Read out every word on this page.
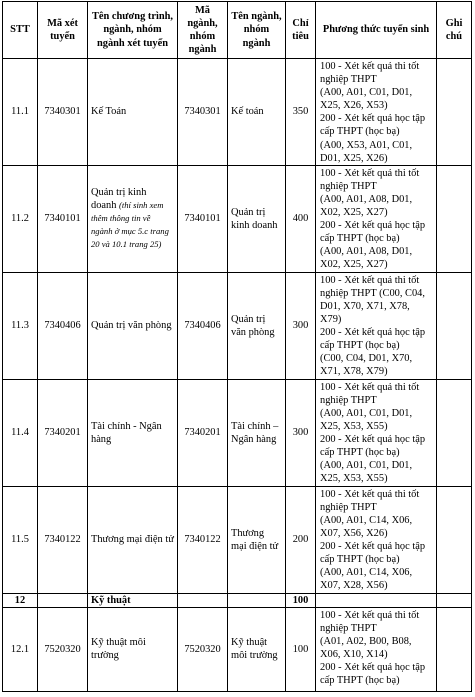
STT	Mã xét tuyển	Tên chương trình, ngành, nhóm ngành xét tuyển	Mã ngành, nhóm ngành	Tên ngành, nhóm ngành	Chỉ tiêu	Phương thức tuyển sinh	Ghi chú
11.1	7340301	Kế Toán	7340301	Kế toán	350	100 - Xét kết quả thi tốt nghiệp THPT
(A00, A01, C01, D01, X25, X26, X53)
200 - Xét kết quả học tập cấp THPT (học bạ)
(A00, X53, A01, C01, D01, X25, X26)	

11.2	7340101	Quản trị kinh doanh (thí sinh xem thêm thông tin về ngành ở mục 5.c trang 20 và 10.1 trang 25)	7340101	Quản trị kinh doanh	400	100 - Xét kết quả thi tốt nghiệp THPT
(A00, A01, A08, D01, X02, X25, X27)
200 - Xét kết quả học tập cấp THPT (học bạ)
(A00, A01, A08, D01, X02, X25, X27)	

11.3	7340406	Quản trị văn phòng	7340406	Quản trị văn phòng	300	100 - Xét kết quả thi tốt nghiệp THPT (C00, C04, D01, X70, X71, X78, X79)
200 - Xét kết quả học tập cấp THPT (học bạ)
(C00, C04, D01, X70, X71, X78, X79)	

11.4	7340201	Tài chính - Ngân hàng	7340201	Tài chính – Ngân hàng	300	100 - Xét kết quả thi tốt nghiệp THPT
(A00, A01, C01, D01, X25, X53, X55)
200 - Xét kết quả học tập cấp THPT (học bạ)
(A00, A01, C01, D01, X25, X53, X55)	

11.5	7340122	Thương mại điện tử	7340122	Thương mại điện tử	200	100 - Xét kết quả thi tốt nghiệp THPT
(A00, A01, C14, X06, X07, X56, X26)
200 - Xét kết quả học tập cấp THPT (học bạ)
(A00, A01, C14, X06, X07, X28, X56)	

12		Kỹ thuật			100		
12.1	7520320	Kỹ thuật môi trường	7520320	Kỹ thuật môi trường	100	100 - Xét kết quả thi tốt nghiệp THPT
(A01, A02, B00, B08, X06, X10, X14)
200 - Xét kết quả học tập cấp THPT (học bạ)	
